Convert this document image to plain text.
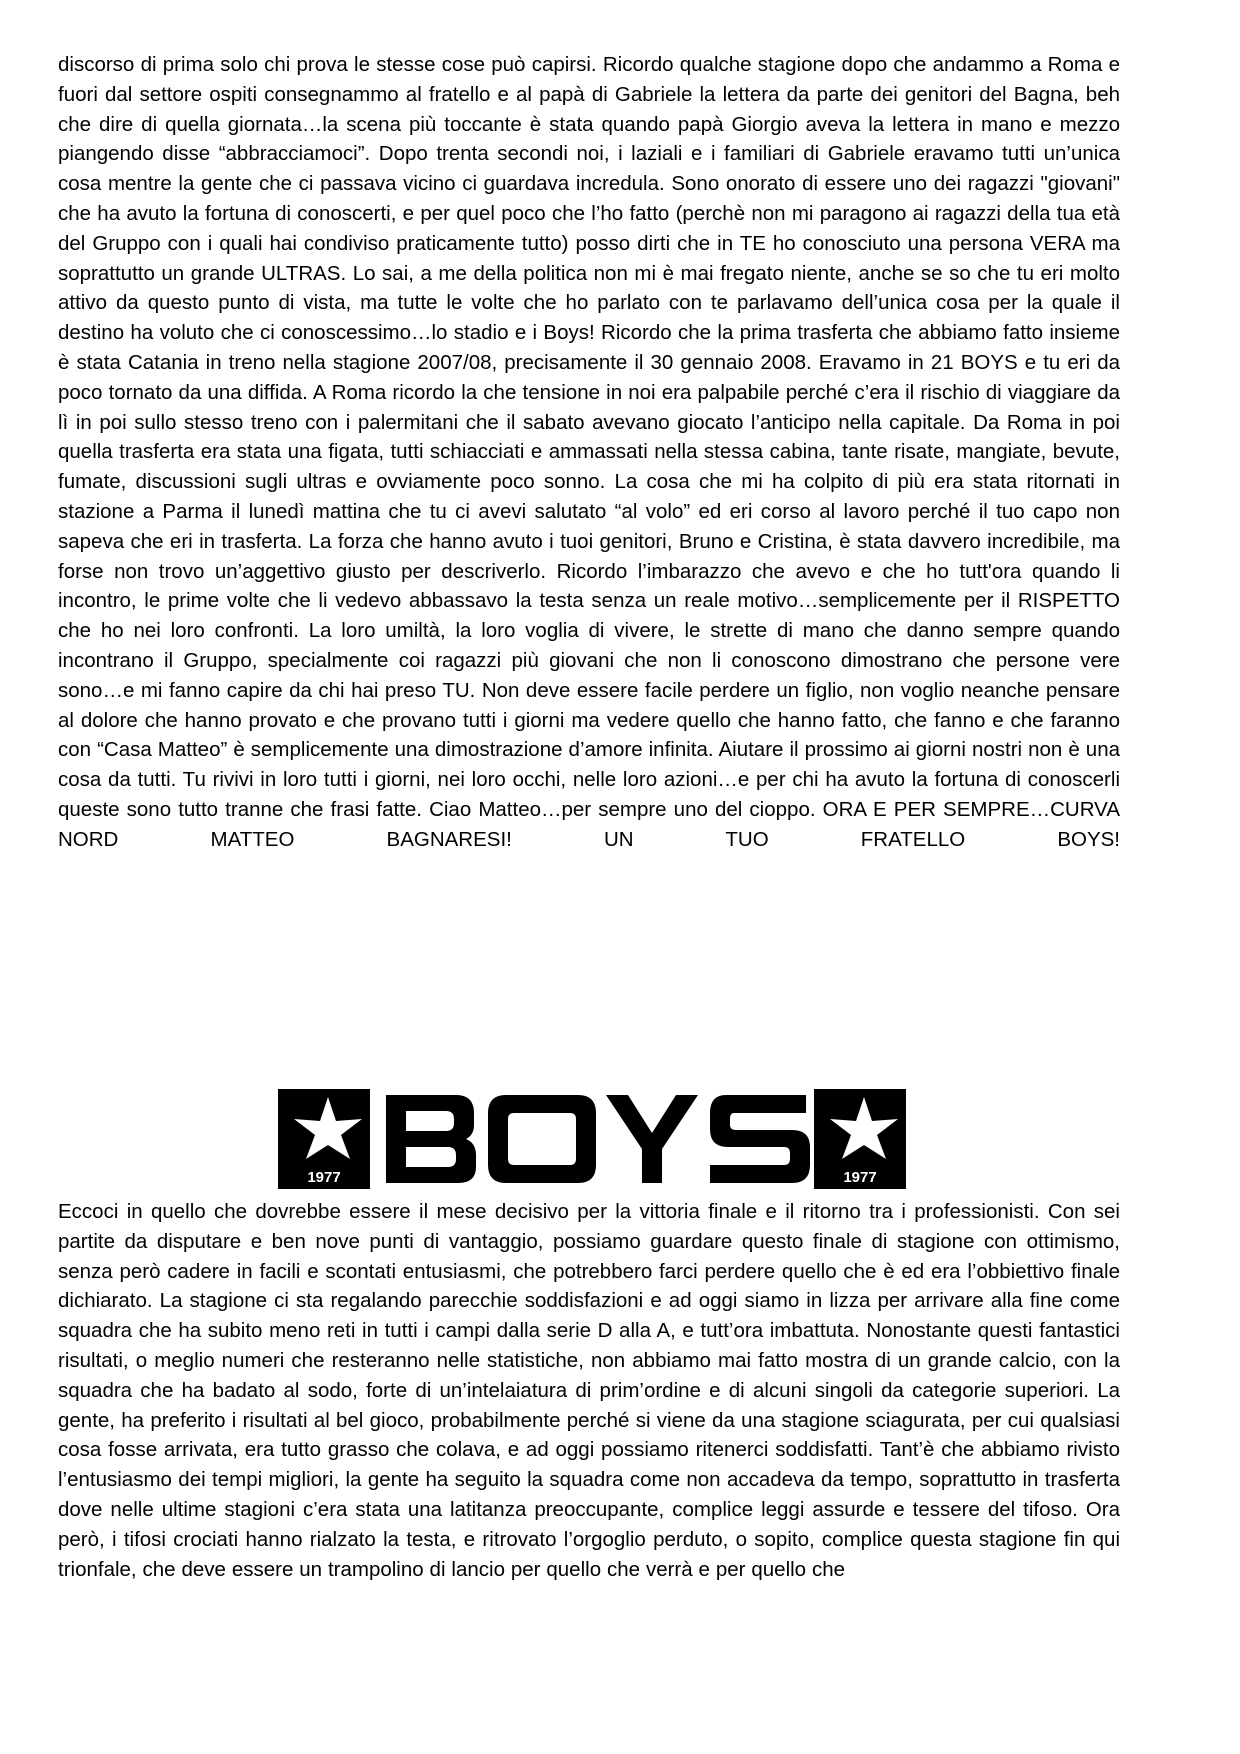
discorso di prima solo chi prova le stesse cose può capirsi. Ricordo qualche stagione dopo che andammo a Roma e fuori dal settore ospiti consegnammo al fratello e al papà di Gabriele la lettera da parte dei genitori del Bagna, beh che dire di quella giornata…la scena più toccante è stata quando papà Giorgio aveva la lettera in mano e mezzo piangendo disse “abbracciamoci”. Dopo trenta secondi noi, i laziali e i familiari di Gabriele eravamo tutti un’unica cosa mentre la gente che ci passava vicino ci guardava incredula. Sono onorato di essere uno dei ragazzi "giovani" che ha avuto la fortuna di conoscerti, e per quel poco che l’ho fatto (perchè non mi paragono ai ragazzi della tua età del Gruppo con i quali hai condiviso praticamente tutto) posso dirti che in TE ho conosciuto una persona VERA ma soprattutto un grande ULTRAS. Lo sai, a me della politica non mi è mai fregato niente, anche se so che tu eri molto attivo da questo punto di vista, ma tutte le volte che ho parlato con te parlavamo dell’unica cosa per la quale il destino ha voluto che ci conoscessimo…lo stadio e i Boys! Ricordo che la prima trasferta che abbiamo fatto insieme è stata Catania in treno nella stagione 2007/08, precisamente il 30 gennaio 2008. Eravamo in 21 BOYS e tu eri da poco tornato da una diffida. A Roma ricordo la che tensione in noi era palpabile perché c’era il rischio di viaggiare da lì in poi sullo stesso treno con i palermitani che il sabato avevano giocato l’anticipo nella capitale. Da Roma in poi quella trasferta era stata una figata, tutti schiacciati e ammassati nella stessa cabina, tante risate, mangiate, bevute, fumate, discussioni sugli ultras e ovviamente poco sonno. La cosa che mi ha colpito di più era stata ritornati in stazione a Parma il lunedì mattina che tu ci avevi salutato “al volo” ed eri corso al lavoro perché il tuo capo non sapeva che eri in trasferta. La forza che hanno avuto i tuoi genitori, Bruno e Cristina, è stata davvero incredibile, ma forse non trovo un’aggettivo giusto per descriverlo. Ricordo l’imbarazzo che avevo e che ho tutt'ora quando li incontro, le prime volte che li vedevo abbassavo la testa senza un reale motivo…semplicemente per il RISPETTO che ho nei loro confronti. La loro umiltà, la loro voglia di vivere, le strette di mano che danno sempre quando incontrano il Gruppo, specialmente coi ragazzi più giovani che non li conoscono dimostrano che persone vere sono…e mi fanno capire da chi hai preso TU. Non deve essere facile perdere un figlio, non voglio neanche pensare al dolore che hanno provato e che provano tutti i giorni ma vedere quello che hanno fatto, che fanno e che faranno con “Casa Matteo” è semplicemente una dimostrazione d’amore infinita. Aiutare il prossimo ai giorni nostri non è una cosa da tutti. Tu rivivi in loro tutti i giorni, nei loro occhi, nelle loro azioni…e per chi ha avuto la fortuna di conoscerli queste sono tutto tranne che frasi fatte. Ciao Matteo…per sempre uno del cioppo. ORA E PER SEMPRE…CURVA NORD MATTEO BAGNARESI! UN TUO FRATELLO BOYS!

1977	1977

Eccoci in quello che dovrebbe essere il mese decisivo per la vittoria finale e il ritorno tra i professionisti. Con sei partite da disputare e ben nove punti di vantaggio, possiamo guardare questo finale di stagione con ottimismo, senza però cadere in facili e scontati entusiasmi, che potrebbero farci perdere quello che è ed era l’obbiettivo finale dichiarato. La stagione ci sta regalando parecchie soddisfazioni e ad oggi siamo in lizza per arrivare alla fine come squadra che ha subito meno reti in tutti i campi dalla serie D alla A, e tutt’ora imbattuta. Nonostante questi fantastici risultati, o meglio numeri che resteranno nelle statistiche, non abbiamo mai fatto mostra di un grande calcio, con la squadra che ha badato al sodo, forte di un’intelaiatura di prim’ordine e di alcuni singoli da categorie superiori. La gente, ha preferito i risultati al bel gioco, probabilmente perché si viene da una stagione sciagurata, per cui qualsiasi cosa fosse arrivata, era tutto grasso che colava, e ad oggi possiamo ritenerci soddisfatti. Tant’è che abbiamo rivisto l’entusiasmo dei tempi migliori, la gente ha seguito la squadra come non accadeva da tempo, soprattutto in trasferta dove nelle ultime stagioni c’era stata una latitanza preoccupante, complice leggi assurde e tessere del tifoso. Ora però, i tifosi crociati hanno rialzato la testa, e ritrovato l’orgoglio perduto, o sopito, complice questa stagione fin qui trionfale, che deve essere un trampolino di lancio per quello che verrà e per quello che
